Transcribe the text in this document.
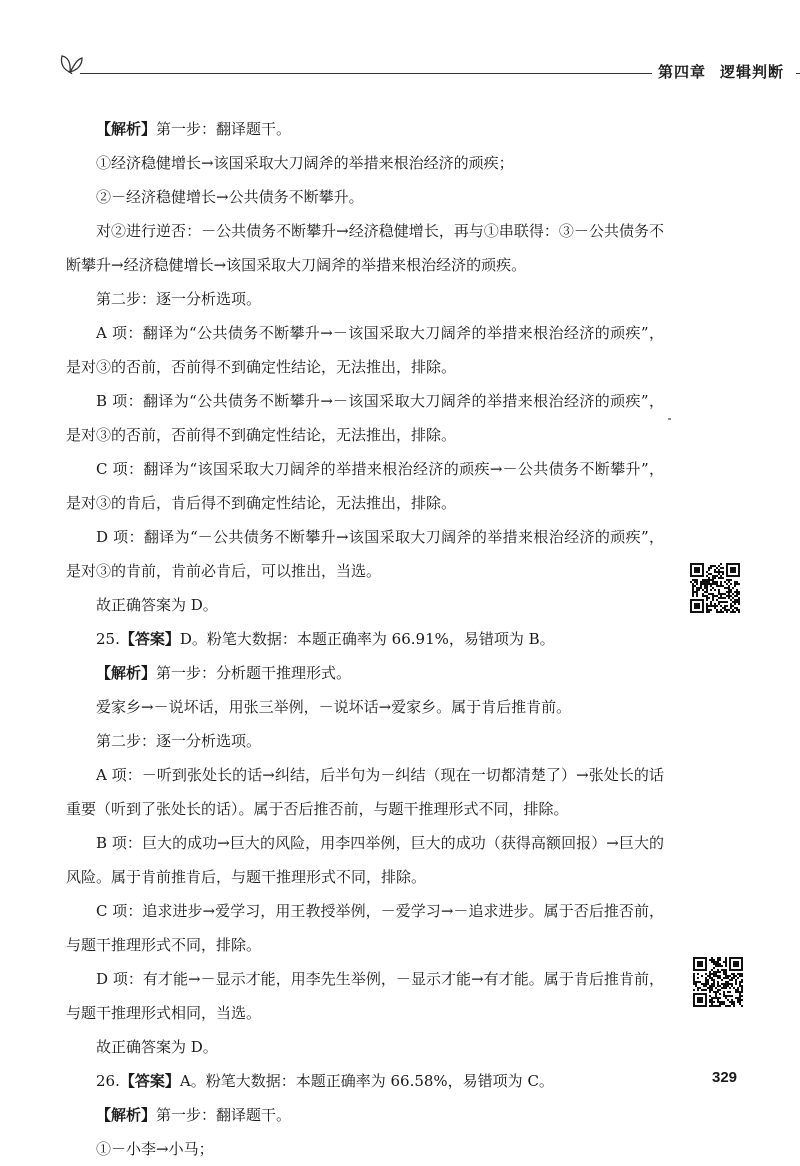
第四章 逻辑判断

【解析】第一步：翻译题干。

①经济稳健增长→该国采取大刀阔斧的举措来根治经济的顽疾；

②－经济稳健增长→公共债务不断攀升。

对②进行逆否：－公共债务不断攀升→经济稳健增长，再与①串联得：③－公共债务不断攀升→经济稳健增长→该国采取大刀阔斧的举措来根治经济的顽疾。

第二步：逐一分析选项。

A 项：翻译为“公共债务不断攀升→－该国采取大刀阔斧的举措来根治经济的顽疾”，是对③的否前，否前得不到确定性结论，无法推出，排除。

B 项：翻译为“公共债务不断攀升→－该国采取大刀阔斧的举措来根治经济的顽疾”，是对③的否前，否前得不到确定性结论，无法推出，排除。

C 项：翻译为“该国采取大刀阔斧的举措来根治经济的顽疾→－公共债务不断攀升”，是对③的肯后，肯后得不到确定性结论，无法推出，排除。

D 项：翻译为“－公共债务不断攀升→该国采取大刀阔斧的举措来根治经济的顽疾”，是对③的肯前，肯前必肯后，可以推出，当选。

故正确答案为 D。

25.【答案】D。粉笔大数据：本题正确率为 66.91%，易错项为 B。

【解析】第一步：分析题干推理形式。

爱家乡→－说坏话，用张三举例，－说坏话→爱家乡。属于肯后推肯前。

第二步：逐一分析选项。

A 项：－听到张处长的话→纠结，后半句为－纠结（现在一切都清楚了）→张处长的话重要（听到了张处长的话）。属于否后推否前，与题干推理形式不同，排除。

B 项：巨大的成功→巨大的风险，用李四举例，巨大的成功（获得高额回报）→巨大的风险。属于肯前推肯后，与题干推理形式不同，排除。

C 项：追求进步→爱学习，用王教授举例，－爱学习→－追求进步。属于否后推否前，与题干推理形式不同，排除。

D 项：有才能→－显示才能，用李先生举例，－显示才能→有才能。属于肯后推肯前，与题干推理形式相同，当选。

故正确答案为 D。

26.【答案】A。粉笔大数据：本题正确率为 66.58%，易错项为 C。

【解析】第一步：翻译题干。

①－小李→小马；

329
